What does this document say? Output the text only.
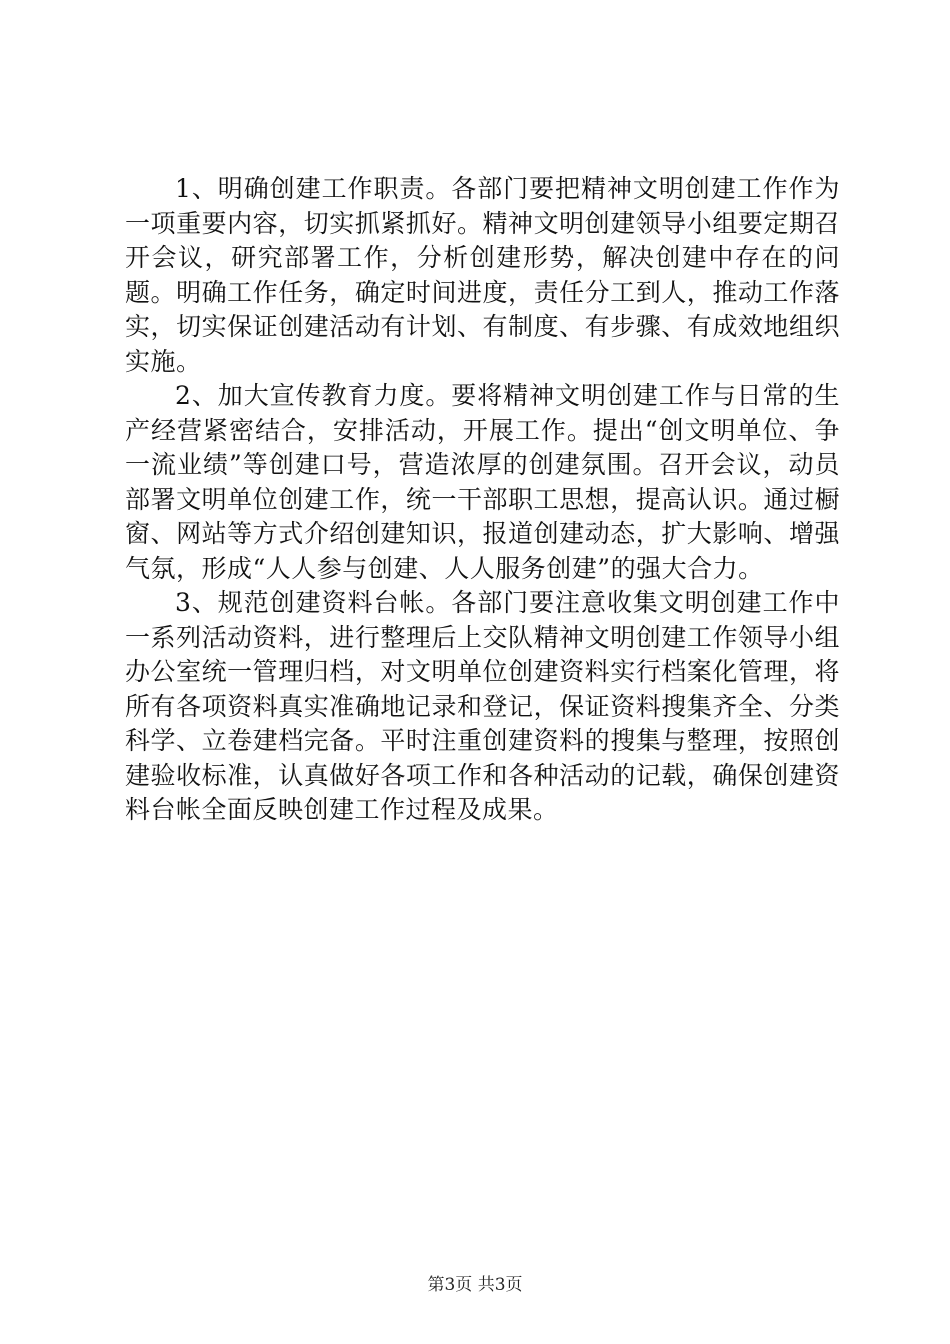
1、明确创建工作职责。各部门要把精神文明创建工作作为一项重要内容，切实抓紧抓好。精神文明创建领导小组要定期召开会议，研究部署工作，分析创建形势，解决创建中存在的问题。明确工作任务，确定时间进度，责任分工到人，推动工作落实，切实保证创建活动有计划、有制度、有步骤、有成效地组织实施。

2、加大宣传教育力度。要将精神文明创建工作与日常的生产经营紧密结合，安排活动，开展工作。提出“创文明单位、争一流业绩”等创建口号，营造浓厚的创建氛围。召开会议，动员部署文明单位创建工作，统一干部职工思想，提高认识。通过橱窗、网站等方式介绍创建知识，报道创建动态，扩大影响、增强气氛，形成“人人参与创建、人人服务创建”的强大合力。

3、规范创建资料台帐。各部门要注意收集文明创建工作中一系列活动资料，进行整理后上交队精神文明创建工作领导小组办公室统一管理归档，对文明单位创建资料实行档案化管理，将所有各项资料真实准确地记录和登记，保证资料搜集齐全、分类科学、立卷建档完备。平时注重创建资料的搜集与整理，按照创建验收标准，认真做好各项工作和各种活动的记载，确保创建资料台帐全面反映创建工作过程及成果。

第3页 共3页
